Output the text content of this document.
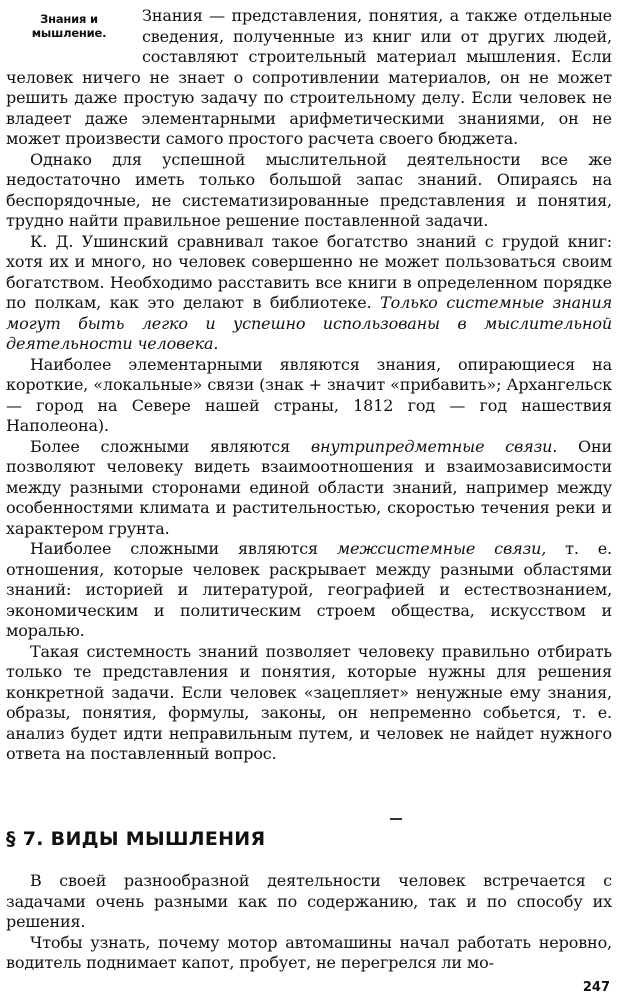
Знания и мышление.

Знания — представления, понятия, а также отдельные сведения, полученные из книг или от других людей, составляют строительный материал мышления. Если человек ничего не знает о сопротивлении материалов, он не может решить даже простую задачу по строительному делу. Если человек не владеет даже элементарными арифметическими знаниями, он не может произвести самого простого расчета своего бюджета.

Однако для успешной мыслительной деятельности все же недостаточно иметь только большой запас знаний. Опираясь на беспорядочные, не систематизированные представления и понятия, трудно найти правильное решение поставленной задачи.

К. Д. Ушинский сравнивал такое богатство знаний с грудой книг: хотя их и много, но человек совершенно не может пользоваться своим богатством. Необходимо расставить все книги в определенном порядке по полкам, как это делают в библиотеке. Только системные знания могут быть легко и успешно использованы в мыслительной деятельности человека.

Наиболее элементарными являются знания, опирающиеся на короткие, «локальные» связи (знак + значит «прибавить»; Архангельск — город на Севере нашей страны, 1812 год — год нашествия Наполеона).

Более сложными являются внутрипредметные связи. Они позволяют человеку видеть взаимоотношения и взаимозависимости между разными сторонами единой области знаний, например между особенностями климата и растительностью, скоростью течения реки и характером грунта.

Наиболее сложными являются межсистемные связи, т. е. отношения, которые человек раскрывает между разными областями знаний: историей и литературой, географией и естествознанием, экономическим и политическим строем общества, искусством и моралью.

Такая системность знаний позволяет человеку правильно отбирать только те представления и понятия, которые нужны для решения конкретной задачи. Если человек «зацепляет» ненужные ему знания, образы, понятия, формулы, законы, он непременно собьется, т. е. анализ будет идти неправильным путем, и человек не найдет нужного ответа на поставленный вопрос.

§ 7. ВИДЫ МЫШЛЕНИЯ

В своей разнообразной деятельности человек встречается с задачами очень разными как по содержанию, так и по способу их решения.

Чтобы узнать, почему мотор автомашины начал работать неровно, водитель поднимает капот, пробует, не перегрелся ли мо-

247
